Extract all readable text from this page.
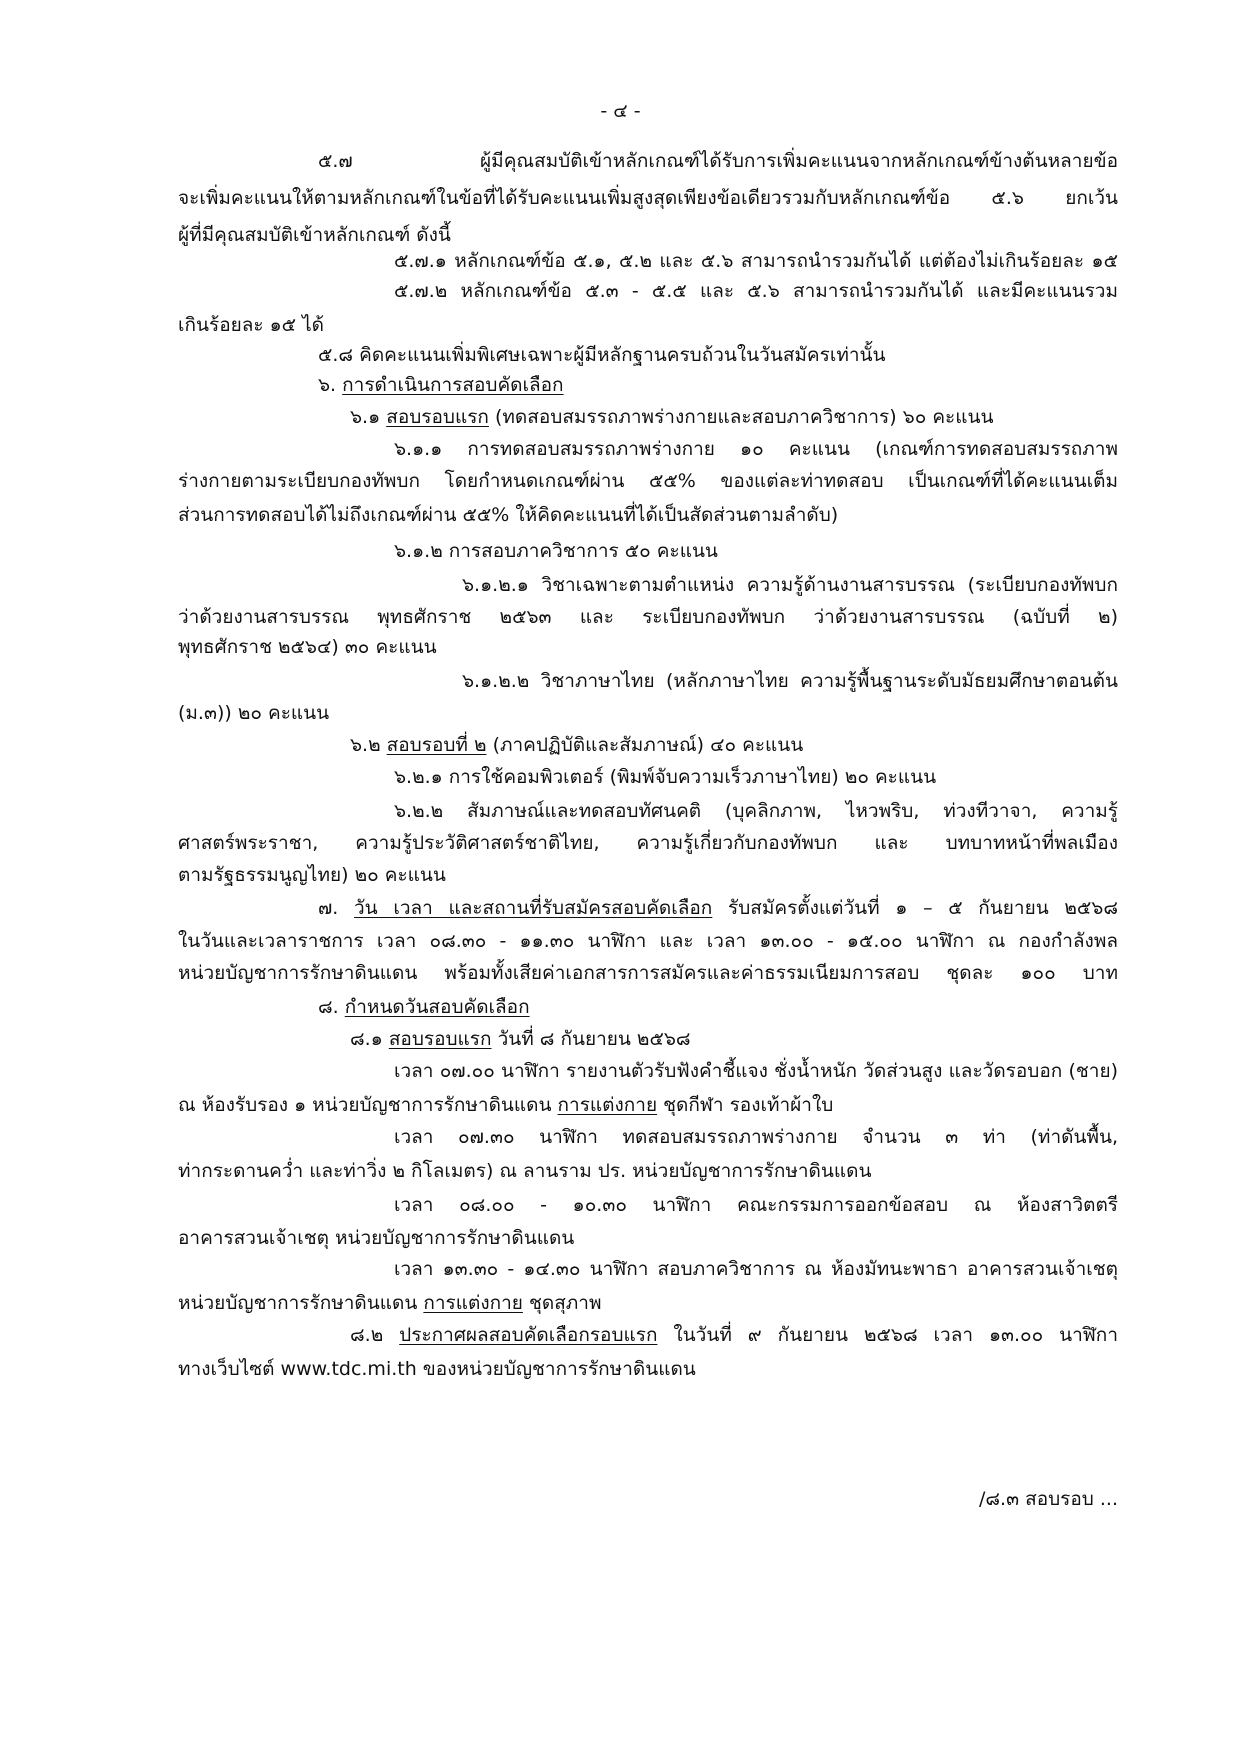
- ๔ -
๕.๗ ผู้มีคุณสมบัติเข้าหลักเกณฑ์ได้รับการเพิ่มคะแนนจากหลักเกณฑ์ข้างต้นหลายข้อ
จะเพิ่มคะแนนให้ตามหลักเกณฑ์ในข้อที่ได้รับคะแนนเพิ่มสูงสุดเพียงข้อเดียวรวมกับหลักเกณฑ์ข้อ ๕.๖ ยกเว้น
ผู้ที่มีคุณสมบัติเข้าหลักเกณฑ์ ดังนี้
๕.๗.๑ หลักเกณฑ์ข้อ ๕.๑, ๕.๒ และ ๕.๖ สามารถนำรวมกันได้ แต่ต้องไม่เกินร้อยละ ๑๕
๕.๗.๒ หลักเกณฑ์ข้อ ๕.๓ - ๕.๕ และ ๕.๖ สามารถนำรวมกันได้ และมีคะแนนรวม
เกินร้อยละ ๑๕ ได้
๕.๘ คิดคะแนนเพิ่มพิเศษเฉพาะผู้มีหลักฐานครบถ้วนในวันสมัครเท่านั้น
๖. การดำเนินการสอบคัดเลือก
๖.๑ สอบรอบแรก (ทดสอบสมรรถภาพร่างกายและสอบภาควิชาการ) ๖๐ คะแนน
๖.๑.๑ การทดสอบสมรรถภาพร่างกาย ๑๐ คะแนน (เกณฑ์การทดสอบสมรรถภาพ
ร่างกายตามระเบียบกองทัพบก โดยกำหนดเกณฑ์ผ่าน ๕๕% ของแต่ละท่าทดสอบ เป็นเกณฑ์ที่ได้คะแนนเต็ม
ส่วนการทดสอบได้ไม่ถึงเกณฑ์ผ่าน ๕๕% ให้คิดคะแนนที่ได้เป็นสัดส่วนตามลำดับ)
๖.๑.๒ การสอบภาควิชาการ ๕๐ คะแนน
๖.๑.๒.๑ วิชาเฉพาะตามตำแหน่ง ความรู้ด้านงานสารบรรณ (ระเบียบกองทัพบก
ว่าด้วยงานสารบรรณ พุทธศักราช ๒๕๖๓ และ ระเบียบกองทัพบก ว่าด้วยงานสารบรรณ (ฉบับที่ ๒)
พุทธศักราช ๒๕๖๔) ๓๐ คะแนน
๖.๑.๒.๒ วิชาภาษาไทย (หลักภาษาไทย ความรู้พื้นฐานระดับมัธยมศึกษาตอนต้น
(ม.๓)) ๒๐ คะแนน
๖.๒ สอบรอบที่ ๒ (ภาคปฏิบัติและสัมภาษณ์) ๔๐ คะแนน
๖.๒.๑ การใช้คอมพิวเตอร์ (พิมพ์จับความเร็วภาษาไทย) ๒๐ คะแนน
๖.๒.๒ สัมภาษณ์และทดสอบทัศนคติ (บุคลิกภาพ, ไหวพริบ, ท่วงทีวาจา, ความรู้
ศาสตร์พระราชา, ความรู้ประวัติศาสตร์ชาติไทย, ความรู้เกี่ยวกับกองทัพบก และ บทบาทหน้าที่พลเมือง
ตามรัฐธรรมนูญไทย) ๒๐ คะแนน
๗. วัน เวลา และสถานที่รับสมัครสอบคัดเลือก รับสมัครตั้งแต่วันที่ ๑ – ๕ กันยายน ๒๕๖๘
ในวันและเวลาราชการ เวลา ๐๘.๓๐ - ๑๑.๓๐ นาฬิกา และ เวลา ๑๓.๐๐ - ๑๕.๐๐ นาฬิกา ณ กองกำลังพล
หน่วยบัญชาการรักษาดินแดน พร้อมทั้งเสียค่าเอกสารการสมัครและค่าธรรมเนียมการสอบ ชุดละ ๑๐๐ บาท
๘. กำหนดวันสอบคัดเลือก
๘.๑ สอบรอบแรก วันที่ ๘ กันยายน ๒๕๖๘
เวลา ๐๗.๐๐ นาฬิกา รายงานตัวรับฟังคำชี้แจง ชั่งน้ำหนัก วัดส่วนสูง และวัดรอบอก (ชาย)
ณ ห้องรับรอง ๑ หน่วยบัญชาการรักษาดินแดน การแต่งกาย ชุดกีฬา รองเท้าผ้าใบ
เวลา ๐๗.๓๐ นาฬิกา ทดสอบสมรรถภาพร่างกาย จำนวน ๓ ท่า (ท่าดันพื้น,
ท่ากระดานคว่ำ และท่าวิ่ง ๒ กิโลเมตร) ณ ลานราม ปร. หน่วยบัญชาการรักษาดินแดน
เวลา ๐๘.๐๐ - ๑๐.๓๐ นาฬิกา คณะกรรมการออกข้อสอบ ณ ห้องสาวิตตรี
อาคารสวนเจ้าเชตุ หน่วยบัญชาการรักษาดินแดน
เวลา ๑๓.๓๐ - ๑๔.๓๐ นาฬิกา สอบภาควิชาการ ณ ห้องมัทนะพาธา อาคารสวนเจ้าเชตุ
หน่วยบัญชาการรักษาดินแดน การแต่งกาย ชุดสุภาพ
๘.๒ ประกาศผลสอบคัดเลือกรอบแรก ในวันที่ ๙ กันยายน ๒๕๖๘ เวลา ๑๓.๐๐ นาฬิกา
ทางเว็บไซต์ www.tdc.mi.th ของหน่วยบัญชาการรักษาดินแดน
/๘.๓ สอบรอบ ...
